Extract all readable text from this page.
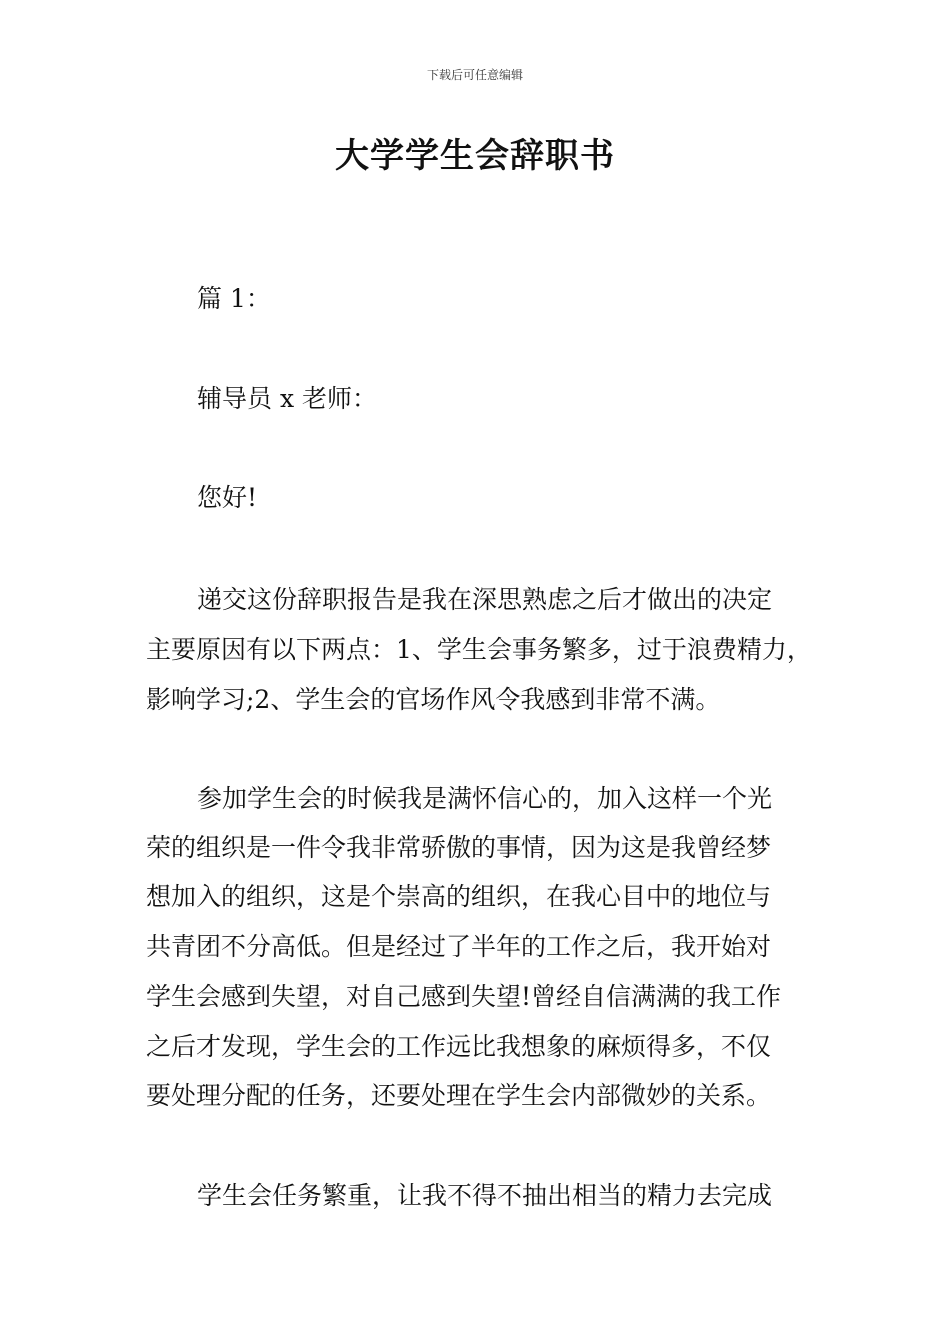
下载后可任意编辑
大学学生会辞职书
篇 1：
辅导员 x 老师：
您好!
递交这份辞职报告是我在深思熟虑之后才做出的决定
主要原因有以下两点：1、学生会事务繁多，过于浪费精力，
影响学习;2、学生会的官场作风令我感到非常不满。
参加学生会的时候我是满怀信心的，加入这样一个光
荣的组织是一件令我非常骄傲的事情，因为这是我曾经梦
想加入的组织，这是个崇高的组织，在我心目中的地位与
共青团不分高低。但是经过了半年的工作之后，我开始对
学生会感到失望，对自己感到失望!曾经自信满满的我工作
之后才发现，学生会的工作远比我想象的麻烦得多，不仅
要处理分配的任务，还要处理在学生会内部微妙的关系。
学生会任务繁重，让我不得不抽出相当的精力去完成
